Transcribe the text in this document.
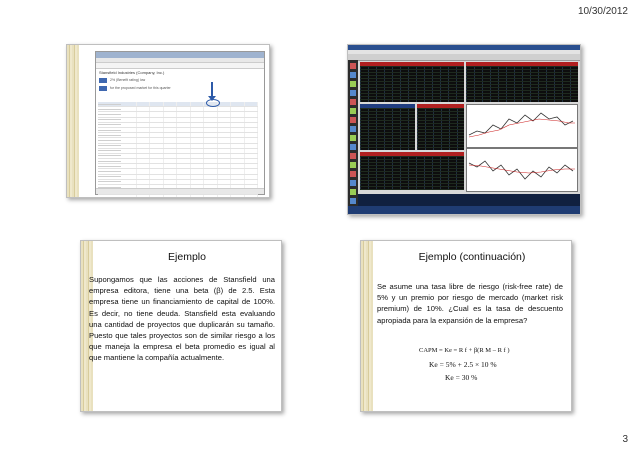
10/30/2012
Stansfield Industries (Company, Inc.)
2% (Benefit rating) low
for the proposed market for this quarter
Ejemplo
Supongamos que las acciones de Stansfield una empresa editora, tiene una beta (β) de 2.5. Esta empresa tiene un financiamiento de capital de 100%. Es decir, no tiene deuda. Stansfield esta evaluando una cantidad de proyectos que duplicarán su tamaño. Puesto que tales proyectos son de similar riesgo a los que maneja la empresa el beta promedio es igual al que mantiene la compañía actualmente.
Ejemplo (continuación)
Se asume una tasa libre de riesgo (risk-free rate) de 5% y un premio por riesgo de mercado (market risk premium) de 10%. ¿Cual es la tasa de descuento apropiada para la expansión de la empresa?
CAPM = Ke = R f + β(R M – R f )
Ke = 5% + 2.5 × 10 %
Ke = 30 %
3
